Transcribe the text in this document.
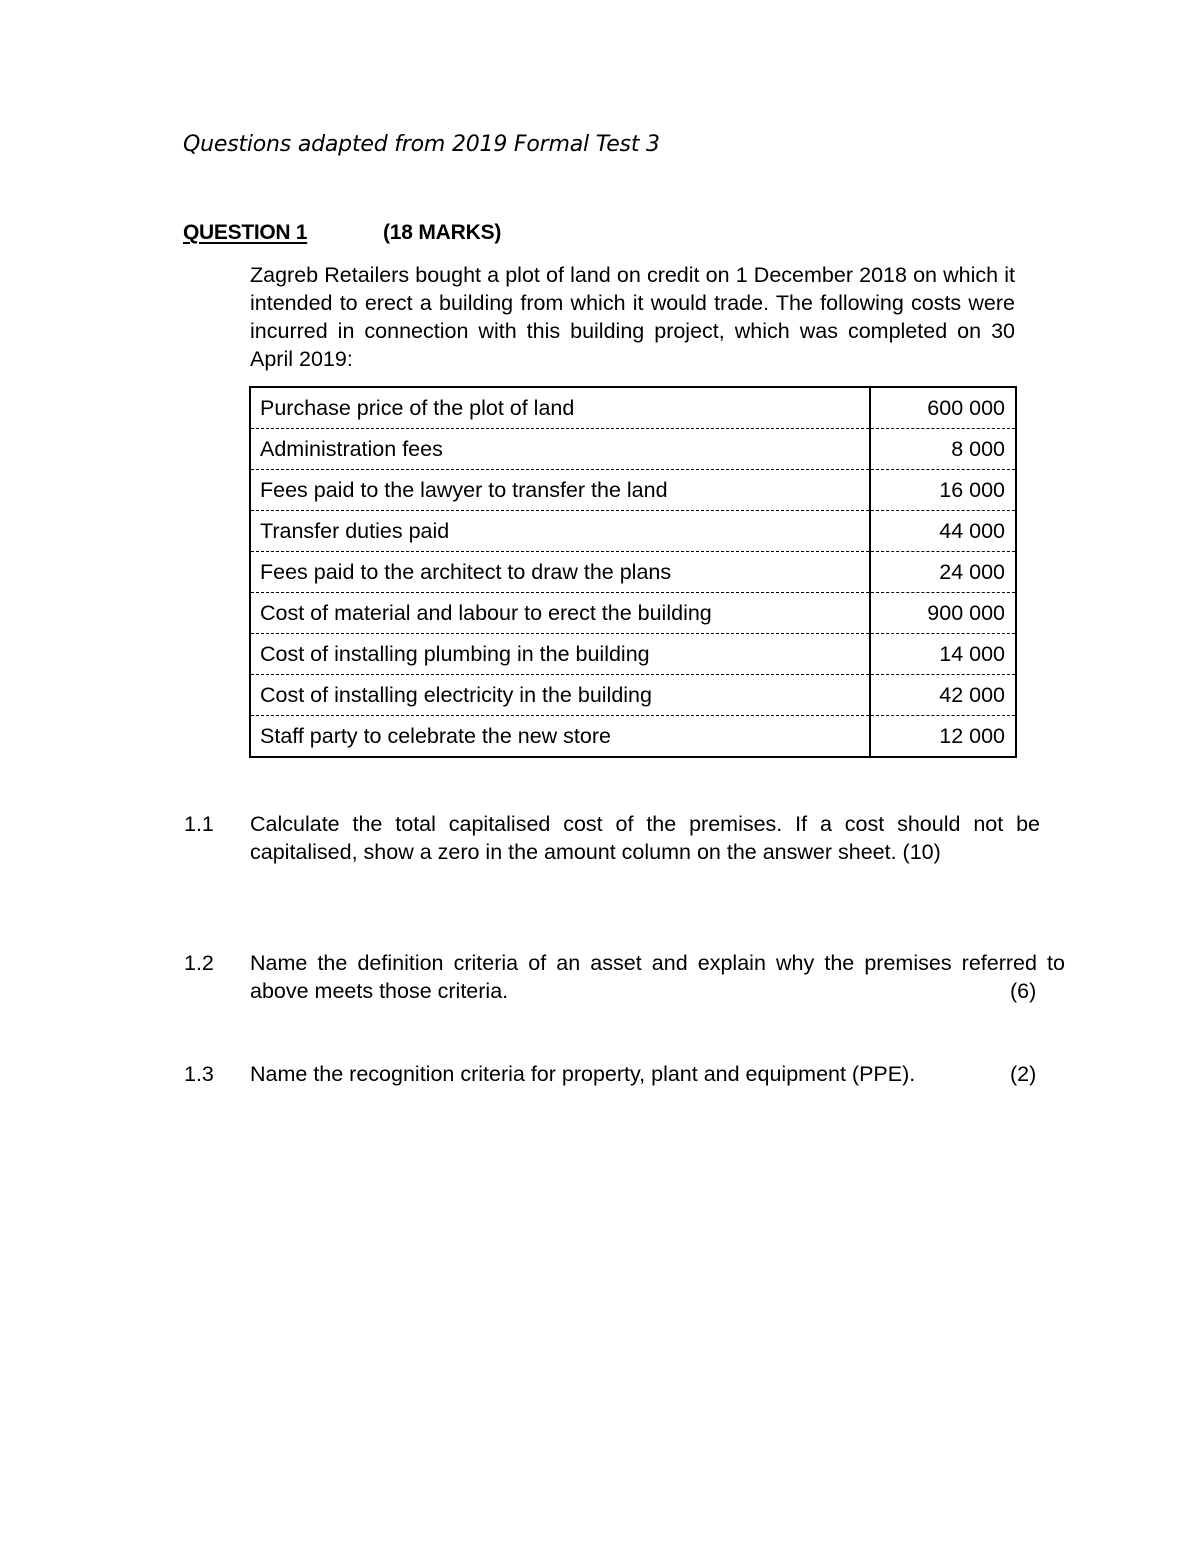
Questions adapted from 2019 Formal Test 3
QUESTION 1	(18 MARKS)
Zagreb Retailers bought a plot of land on credit on 1 December 2018 on which it intended to erect a building from which it would trade. The following costs were incurred in connection with this building project, which was completed on 30 April 2019:
Purchase price of the plot of land	600 000
Administration fees	8 000
Fees paid to the lawyer to transfer the land	16 000
Transfer duties paid	44 000
Fees paid to the architect to draw the plans	24 000
Cost of material and labour to erect the building	900 000
Cost of installing plumbing in the building	14 000
Cost of installing electricity in the building	42 000
Staff party to celebrate the new store	12 000
1.1 Calculate the total capitalised cost of the premises. If a cost should not be capitalised, show a zero in the amount column on the answer sheet. (10)
1.2 Name the definition criteria of an asset and explain why the premises referred to above meets those criteria.	(6)
1.3 Name the recognition criteria for property, plant and equipment (PPE).	(2)
